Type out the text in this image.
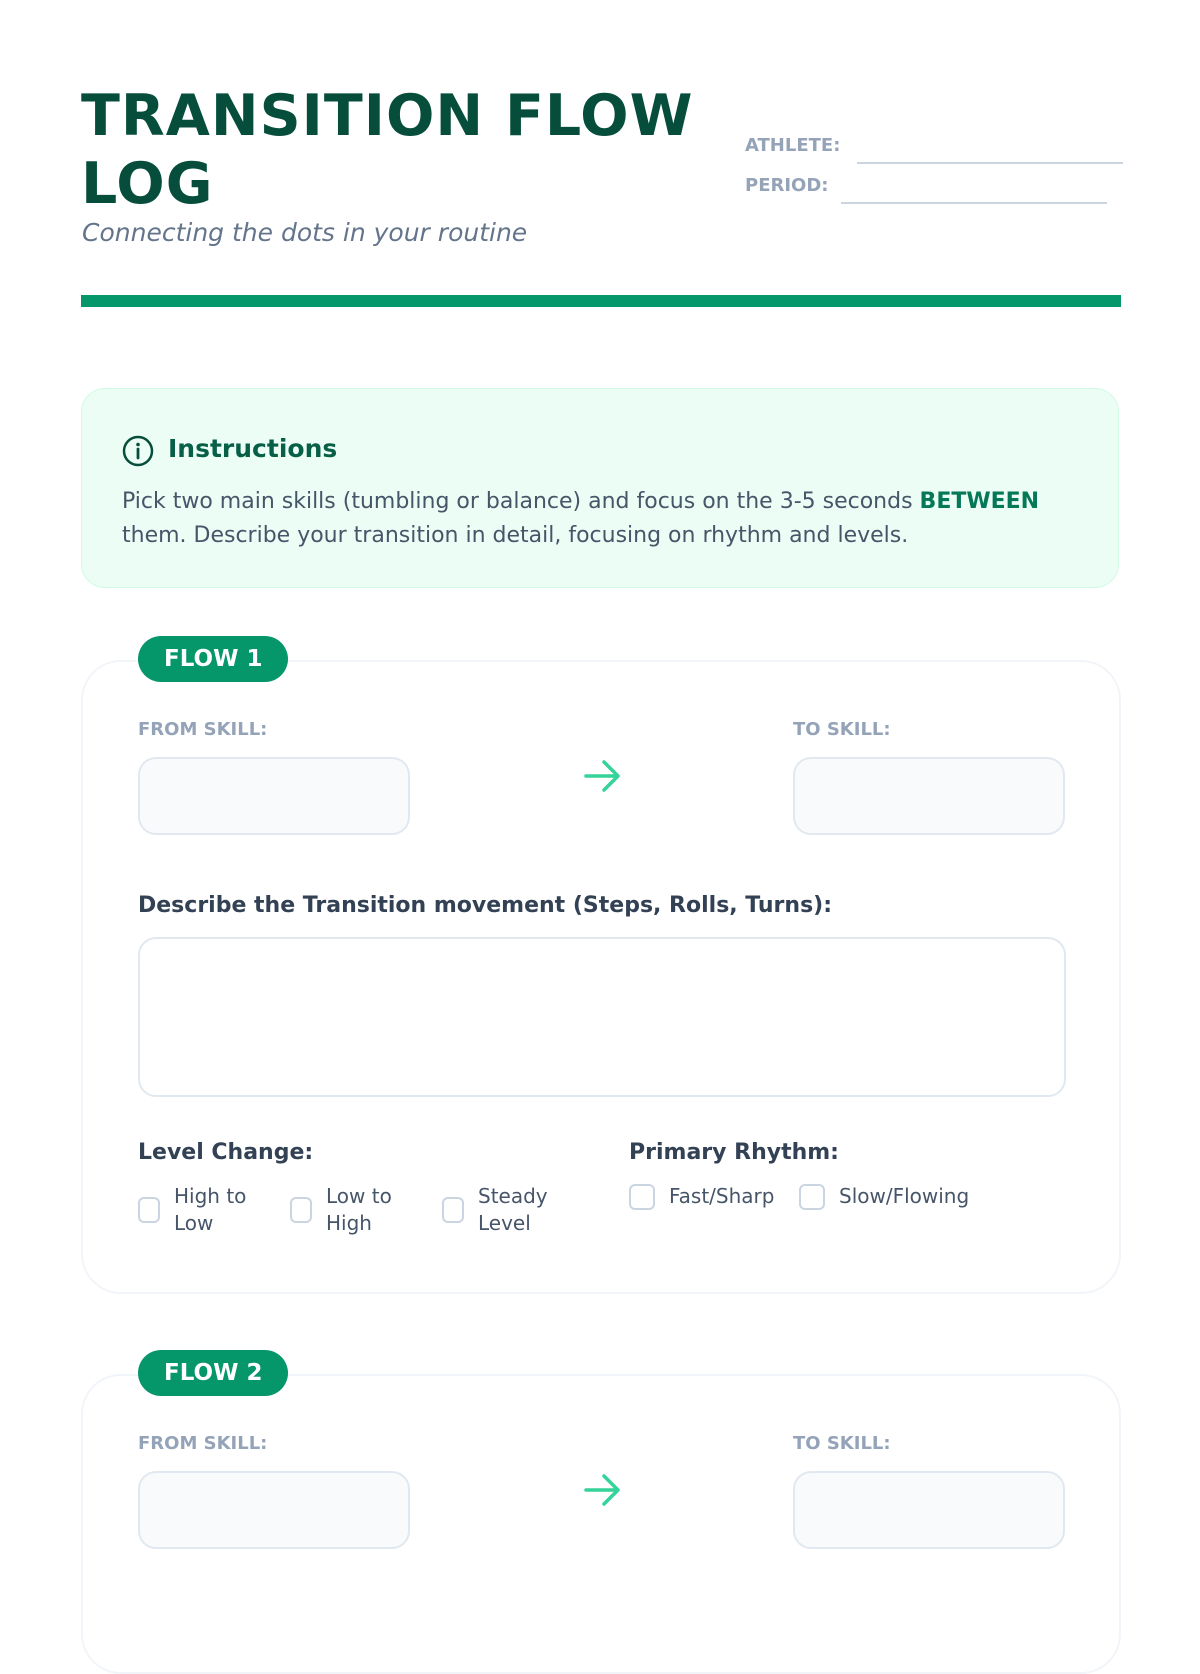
TRANSITION FLOW LOG

Connecting the dots in your routine

ATHLETE:
PERIOD:
Instructions

Pick two main skills (tumbling or balance) and focus on the 3-5 seconds BETWEEN them. Describe your transition in detail, focusing on rhythm and levels.

FLOW 1
FROM SKILL:	TO SKILL:
Describe the Transition movement (Steps, Rolls, Turns):
Level Change:
High to Low
Low to High
Steady Level
Primary Rhythm:
Fast/Sharp	Slow/Flowing
FLOW 2
FROM SKILL:	TO SKILL:
